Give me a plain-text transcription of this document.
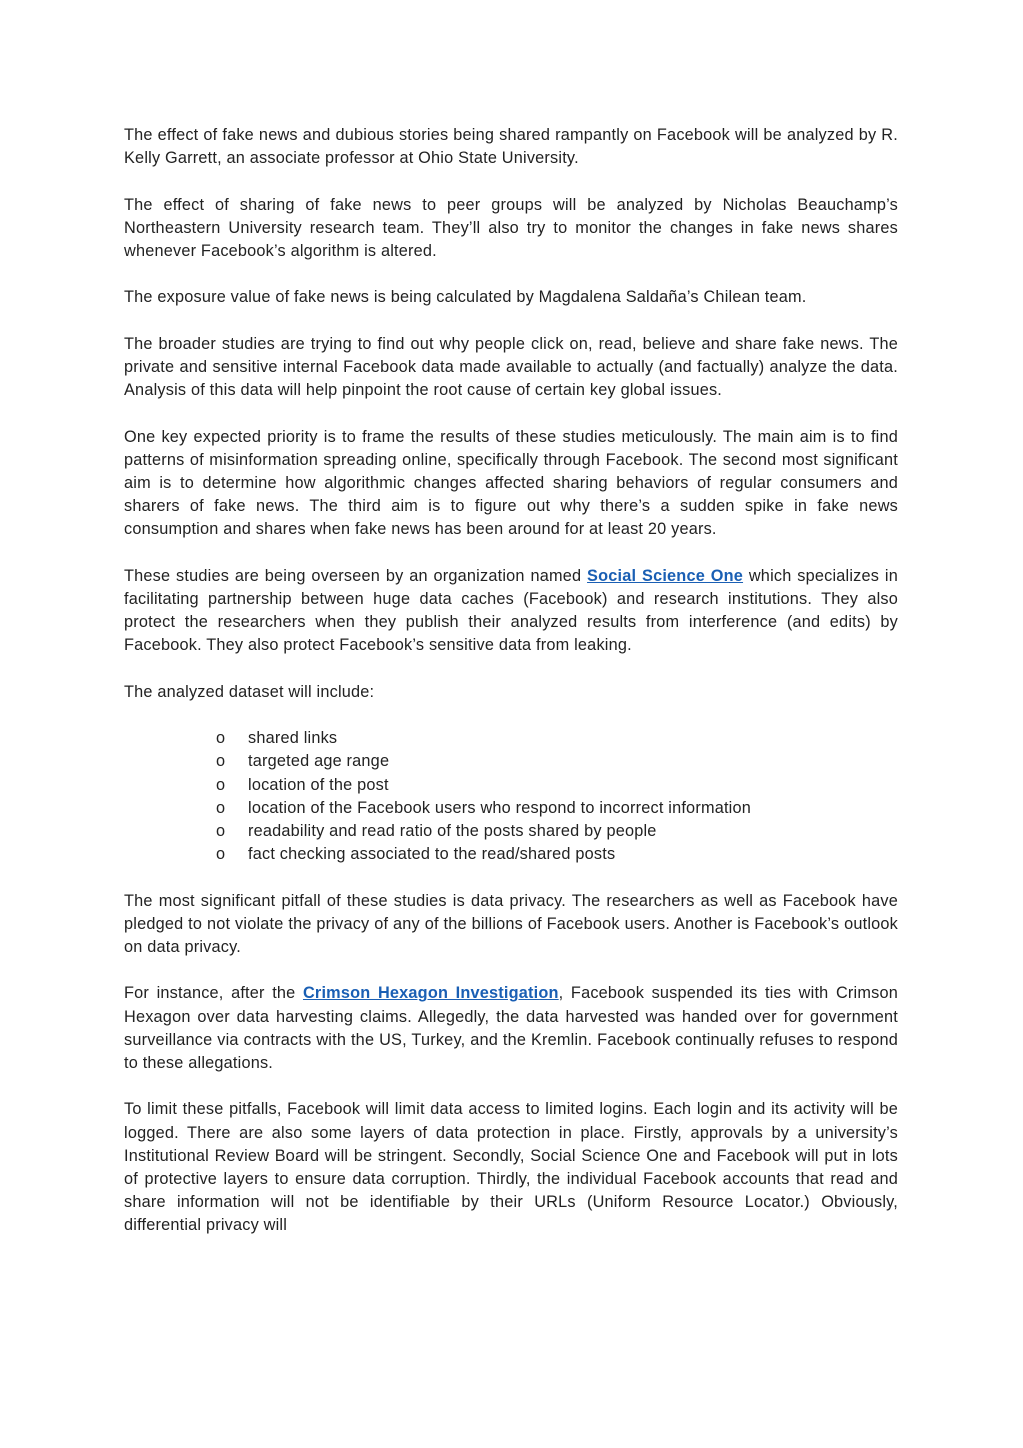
The effect of fake news and dubious stories being shared rampantly on Facebook will be analyzed by R. Kelly Garrett, an associate professor at Ohio State University.

The effect of sharing of fake news to peer groups will be analyzed by Nicholas Beauchamp’s Northeastern University research team. They’ll also try to monitor the changes in fake news shares whenever Facebook’s algorithm is altered.

The exposure value of fake news is being calculated by Magdalena Saldaña’s Chilean team.

The broader studies are trying to find out why people click on, read, believe and share fake news. The private and sensitive internal Facebook data made available to actually (and factually) analyze the data. Analysis of this data will help pinpoint the root cause of certain key global issues.

One key expected priority is to frame the results of these studies meticulously. The main aim is to find patterns of misinformation spreading online, specifically through Facebook. The second most significant aim is to determine how algorithmic changes affected sharing behaviors of regular consumers and sharers of fake news. The third aim is to figure out why there’s a sudden spike in fake news consumption and shares when fake news has been around for at least 20 years.

These studies are being overseen by an organization named Social Science One which specializes in facilitating partnership between huge data caches (Facebook) and research institutions. They also protect the researchers when they publish their analyzed results from interference (and edits) by Facebook. They also protect Facebook’s sensitive data from leaking.

The analyzed dataset will include:

o	shared links
o	targeted age range
o	location of the post
o	location of the Facebook users who respond to incorrect information
o	readability and read ratio of the posts shared by people
o	fact checking associated to the read/shared posts

The most significant pitfall of these studies is data privacy. The researchers as well as Facebook have pledged to not violate the privacy of any of the billions of Facebook users. Another is Facebook’s outlook on data privacy.

For instance, after the Crimson Hexagon Investigation, Facebook suspended its ties with Crimson Hexagon over data harvesting claims. Allegedly, the data harvested was handed over for government surveillance via contracts with the US, Turkey, and the Kremlin. Facebook continually refuses to respond to these allegations.

To limit these pitfalls, Facebook will limit data access to limited logins. Each login and its activity will be logged. There are also some layers of data protection in place. Firstly, approvals by a university’s Institutional Review Board will be stringent. Secondly, Social Science One and Facebook will put in lots of protective layers to ensure data corruption. Thirdly, the individual Facebook accounts that read and share information will not be identifiable by their URLs (Uniform Resource Locator.) Obviously, differential privacy will
